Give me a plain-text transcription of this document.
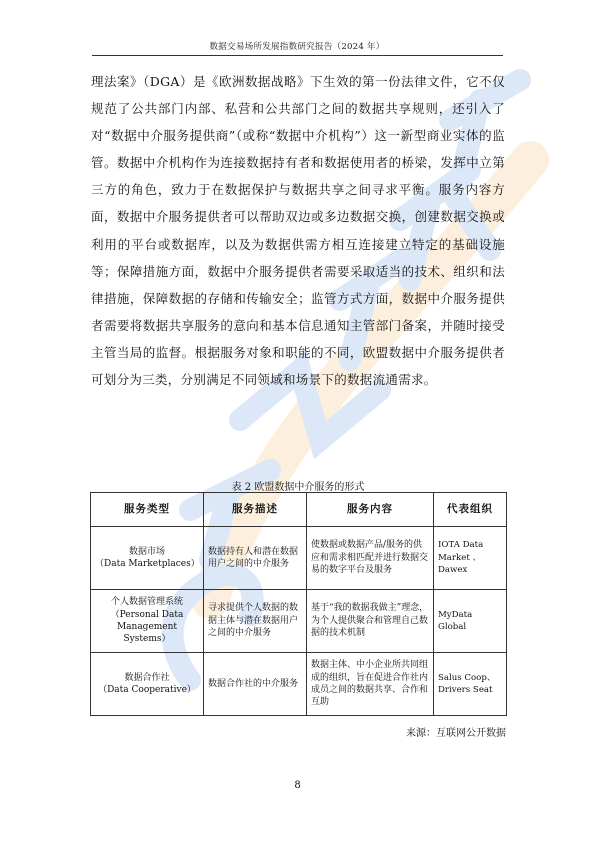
数据交易场所发展指数研究报告（2024 年）

理法案》（DGA）是《欧洲数据战略》下生效的第一份法律文件，它不仅规范了公共部门内部、私营和公共部门之间的数据共享规则，还引入了对“数据中介服务提供商”（或称“数据中介机构”）这一新型商业实体的监管。数据中介机构作为连接数据持有者和数据使用者的桥梁，发挥中立第三方的角色，致力于在数据保护与数据共享之间寻求平衡。服务内容方面，数据中介服务提供者可以帮助双边或多边数据交换，创建数据交换或利用的平台或数据库，以及为数据供需方相互连接建立特定的基础设施等；保障措施方面，数据中介服务提供者需要采取适当的技术、组织和法律措施，保障数据的存储和传输安全；监管方式方面，数据中介服务提供者需要将数据共享服务的意向和基本信息通知主管部门备案，并随时接受主管当局的监督。根据服务对象和职能的不同，欧盟数据中介服务提供者可划分为三类，分别满足不同领域和场景下的数据流通需求。

表 2 欧盟数据中介服务的形式
服务类型	服务描述	服务内容	代表组织
数据市场
（Data Marketplaces）	数据持有人和潜在数据用户之间的中介服务	使数据或数据产品/服务的供应和需求相匹配并进行数据交易的数字平台及服务	IOTA Data Market 、Dawex
个人数据管理系统
（Personal Data Management Systems）	寻求提供个人数据的数据主体与潜在数据用户之间的中介服务	基于“我的数据我做主”理念，为个人提供聚合和管理自己数据的技术机制	MyData Global
数据合作社
（Data Cooperative）	数据合作社的中介服务	数据主体、中小企业所共同组成的组织，旨在促进合作社内成员之间的数据共享、合作和互助	Salus Coop、Drivers Seat
来源：互联网公开数据
8
